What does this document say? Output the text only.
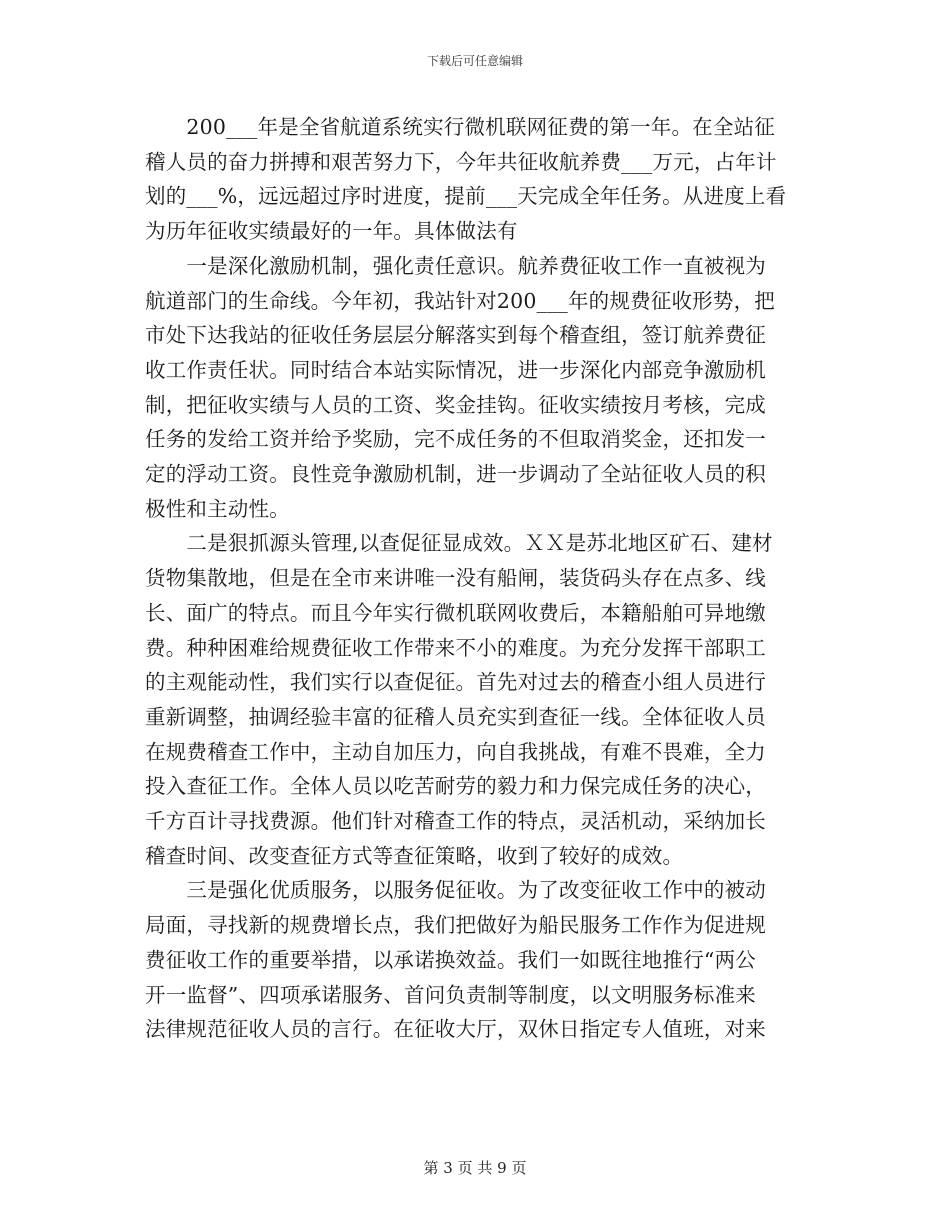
下载后可任意编辑

　　200___年是全省航道系统实行微机联网征费的第一年。在全站征
稽人员的奋力拼搏和艰苦努力下，今年共征收航养费___万元，占年计
划的___%，远远超过序时进度，提前___天完成全年任务。从进度上看
为历年征收实绩最好的一年。具体做法有

　　一是深化激励机制，强化责任意识。航养费征收工作一直被视为
航道部门的生命线。今年初，我站针对200___年的规费征收形势，把
市处下达我站的征收任务层层分解落实到每个稽查组，签订航养费征
收工作责任状。同时结合本站实际情况，进一步深化内部竞争激励机
制，把征收实绩与人员的工资、奖金挂钩。征收实绩按月考核，完成
任务的发给工资并给予奖励，完不成任务的不但取消奖金，还扣发一
定的浮动工资。良性竞争激励机制，进一步调动了全站征收人员的积
极性和主动性。

　　二是狠抓源头管理,以查促征显成效。ＸＸ是苏北地区矿石、建材
货物集散地，但是在全市来讲唯一没有船闸，装货码头存在点多、线
长、面广的特点。而且今年实行微机联网收费后，本籍船舶可异地缴
费。种种困难给规费征收工作带来不小的难度。为充分发挥干部职工
的主观能动性，我们实行以查促征。首先对过去的稽查小组人员进行
重新调整，抽调经验丰富的征稽人员充实到查征一线。全体征收人员
在规费稽查工作中，主动自加压力，向自我挑战，有难不畏难，全力
投入查征工作。全体人员以吃苦耐劳的毅力和力保完成任务的决心，
千方百计寻找费源。他们针对稽查工作的特点，灵活机动，采纳加长
稽查时间、改变查征方式等查征策略，收到了较好的成效。

　　三是强化优质服务，以服务促征收。为了改变征收工作中的被动
局面，寻找新的规费增长点，我们把做好为船民服务工作作为促进规
费征收工作的重要举措，以承诺换效益。我们一如既往地推行“两公
开一监督”、四项承诺服务、首问负责制等制度，以文明服务标准来
法律规范征收人员的言行。在征收大厅，双休日指定专人值班，对来

第 3 页 共 9 页
